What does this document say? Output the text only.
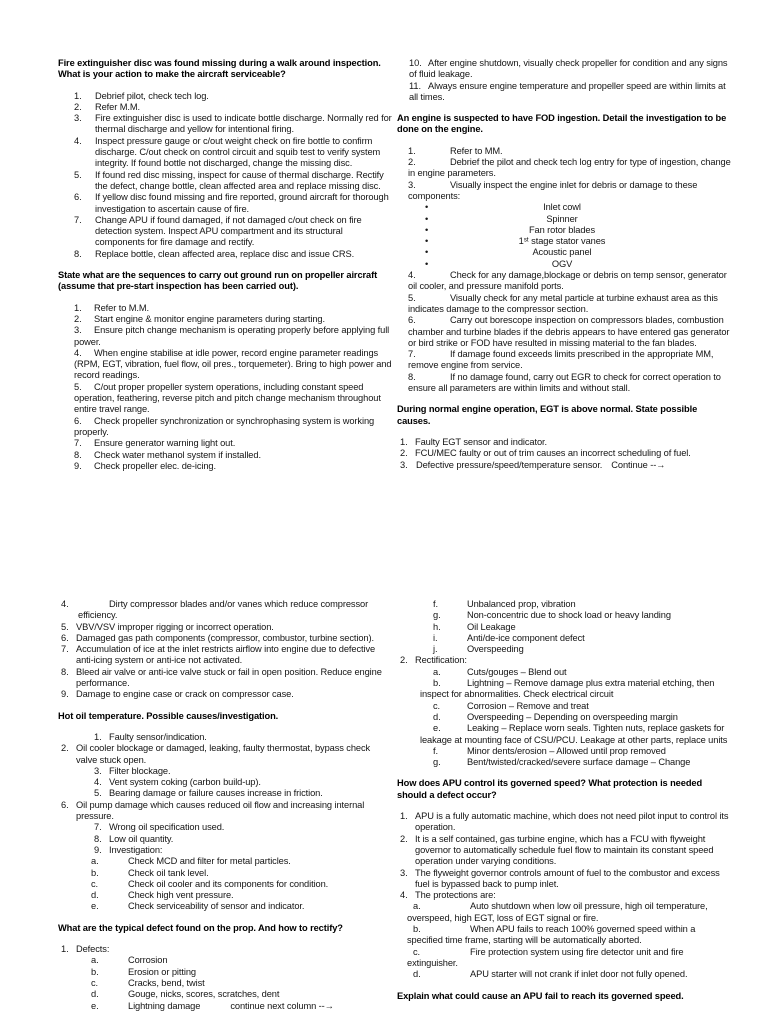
Fire extinguisher disc was found missing during a walk around inspection. What is your action to make the aircraft serviceable?
1.	Debrief pilot, check tech log.
2.	Refer M.M.
3.	Fire extinguisher disc is used to indicate bottle discharge. Normally red for thermal discharge and yellow for intentional firing.
4.	Inspect pressure gauge or c/out weight check on fire bottle to confirm discharge. C/out check on control circuit and squib test to verify system integrity. If found bottle not discharged, change the missing disc.
5.	If found red disc missing, inspect for cause of thermal discharge. Rectify the defect, change bottle, clean affected area and replace missing disc.
6.	If yellow disc found missing and fire reported, ground aircraft for thorough investigation to ascertain cause of fire.
7.	Change APU if found damaged, if not damaged c/out check on fire detection system. Inspect APU compartment and its structural components for fire damage and rectify.
8.	Replace bottle, clean affected area, replace disc and issue CRS.
State what are the sequences to carry out ground run on propeller aircraft (assume that pre-start inspection has been carried out).
1. Refer to M.M.
2. Start engine & monitor engine parameters during starting.
3. Ensure pitch change mechanism is operating properly before applying full power.
4. When engine stabilise at idle power, record engine parameter readings (RPM, EGT, vibration, fuel flow, oil pres., torquemeter). Bring to high power and record readings.
5. C/out proper propeller system operations, including constant speed operation, feathering, reverse pitch and pitch change mechanism throughout entire travel range.
6. Check propeller synchronization or synchrophasing system is working properly.
7. Ensure generator warning light out.
8. Check water methanol system if installed.
9. Check propeller elec. de-icing.
10. After engine shutdown, visually check propeller for condition and any signs of fluid leakage.
11. Always ensure engine temperature and propeller speed are within limits at all times.
An engine is suspected to have FOD ingestion. Detail the investigation to be done on the engine.
1.	Refer to MM.
2.	Debrief the pilot and check tech log entry for type of ingestion, change in engine parameters.
3.	Visually inspect the engine inlet for debris or damage to these components:
•	Inlet cowl
•	Spinner
•	Fan rotor blades
•	1ˢᵗ stage stator vanes
•	Acoustic panel
•	OGV
4.	Check for any damage,blockage or debris on temp sensor, generator oil cooler, and pressure manifold ports.
5.	Visually check for any metal particle at turbine exhaust area as this indicates damage to the compressor section.
6.	Carry out borescope inspection on compressors blades, combustion chamber and turbine blades if the debris appears to have entered gas generator or bird strike or FOD have resulted in missing material to the fan blades.
7.	If damage found exceeds limits prescribed in the appropriate MM, remove engine from service.
8.	If no damage found, carry out EGR to check for correct operation to ensure all parameters are within limits and without stall.
During normal engine operation, EGT is above normal. State possible causes.
1. Faulty EGT sensor and indicator.
2. FCU/MEC faulty or out of trim causes an incorrect scheduling of fuel.
3. Defective pressure/speed/temperature sensor. Continue --→
4.	Dirty compressor blades and/or vanes which reduce compressor efficiency.
5. VBV/VSV improper rigging or incorrect operation.
6. Damaged gas path components (compressor, combustor, turbine section).
7. Accumulation of ice at the inlet restricts airflow into engine due to defective anti-icing system or anti-ice not activated.
8. Bleed air valve or anti-ice valve stuck or fail in open position. Reduce engine performance.
9. Damage to engine case or crack on compressor case.
Hot oil temperature. Possible causes/investigation.
1. Faulty sensor/indication.
2. Oil cooler blockage or damaged, leaking, faulty thermostat, bypass check valve stuck open.
3. Filter blockage.
4. Vent system coking (carbon build-up).
5. Bearing damage or failure causes increase in friction.
6. Oil pump damage which causes reduced oil flow and increasing internal pressure.
7. Wrong oil specification used.
8. Low oil quantity.
9. Investigation:
a.	Check MCD and filter for metal particles.
b.	Check oil tank level.
c.	Check oil cooler and its components for condition.
d.	Check high vent pressure.
e.	Check serviceability of sensor and indicator.
What are the typical defect found on the prop. And how to rectify?
1. Defects:
a.	Corrosion
b.	Erosion or pitting
c.	Cracks, bend, twist
d.	Gouge, nicks, scores, scratches, dent
e.	Lightning damage	continue next column --→
f.	Unbalanced prop, vibration
g.	Non-concentric due to shock load or heavy landing
h.	Oil Leakage
i.	Anti/de-ice component defect
j.	Overspeeding
2. Rectification:
a.	Cuts/gouges – Blend out
b.	Lightning – Remove damage plus extra material etching, then inspect for abnormalities. Check electrical circuit
c.	Corrosion – Remove and treat
d.	Overspeeding – Depending on overspeeding margin
e.	Leaking – Replace worn seals. Tighten nuts, replace gaskets for leakage at mounting face of CSU/PCU. Leakage at other parts, replace units
f.	Minor dents/erosion – Allowed until prop removed
g.	Bent/twisted/cracked/severe surface damage – Change
How does APU control its governed speed? What protection is needed should a defect occur?
1. APU is a fully automatic machine, which does not need pilot input to control its operation.
2. It is a self contained, gas turbine engine, which has a FCU with flyweight governor to automatically schedule fuel flow to maintain its constant speed operation under varying conditions.
3. The flyweight governor controls amount of fuel to the combustor and excess fuel is bypassed back to pump inlet.
4. The protections are:
a.	Auto shutdown when low oil pressure, high oil temperature, overspeed, high EGT, loss of EGT signal or fire.
b.	When APU fails to reach 100% governed speed within a specified time frame, starting will be automatically aborted.
c.	Fire protection system using fire detector unit and fire extinguisher.
d.	APU starter will not crank if inlet door not fully opened.
Explain what could cause an APU fail to reach its governed speed.
